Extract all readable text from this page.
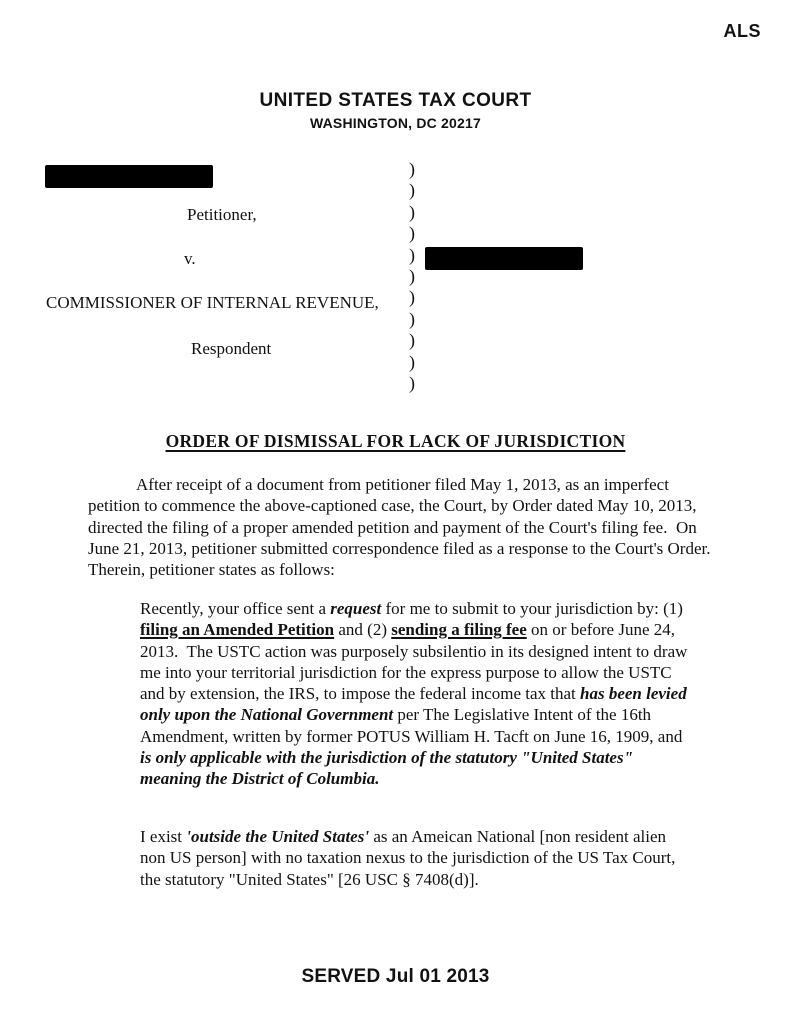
ALS
UNITED STATES TAX COURT
WASHINGTON, DC 20217
Petitioner,
v.
COMMISSIONER OF INTERNAL REVENUE,
Respondent
)
)
)
)
)
)
)
)
)
)
)
ORDER OF DISMISSAL FOR LACK OF JURISDICTION
After receipt of a document from petitioner filed May 1, 2013, as an imperfect petition to commence the above-captioned case, the Court, by Order dated May 10, 2013, directed the filing of a proper amended petition and payment of the Court's filing fee.  On June 21, 2013, petitioner submitted correspondence filed as a response to the Court's Order.  Therein, petitioner states as follows:
Recently, your office sent a request for me to submit to your jurisdiction by: (1) filing an Amended Petition and (2) sending a filing fee on or before June 24, 2013.  The USTC action was purposely subsilentio in its designed intent to draw me into your territorial jurisdiction for the express purpose to allow the USTC and by extension, the IRS, to impose the federal income tax that has been levied only upon the National Government per The Legislative Intent of the 16th Amendment, written by former POTUS William H. Tacft on June 16, 1909, and is only applicable with the jurisdiction of the statutory "United States" meaning the District of Columbia.
I exist 'outside the United States' as an Ameican National [non resident alien non US person] with no taxation nexus to the jurisdiction of the US Tax Court, the statutory "United States" [26 USC § 7408(d)].
SERVED Jul 01 2013
